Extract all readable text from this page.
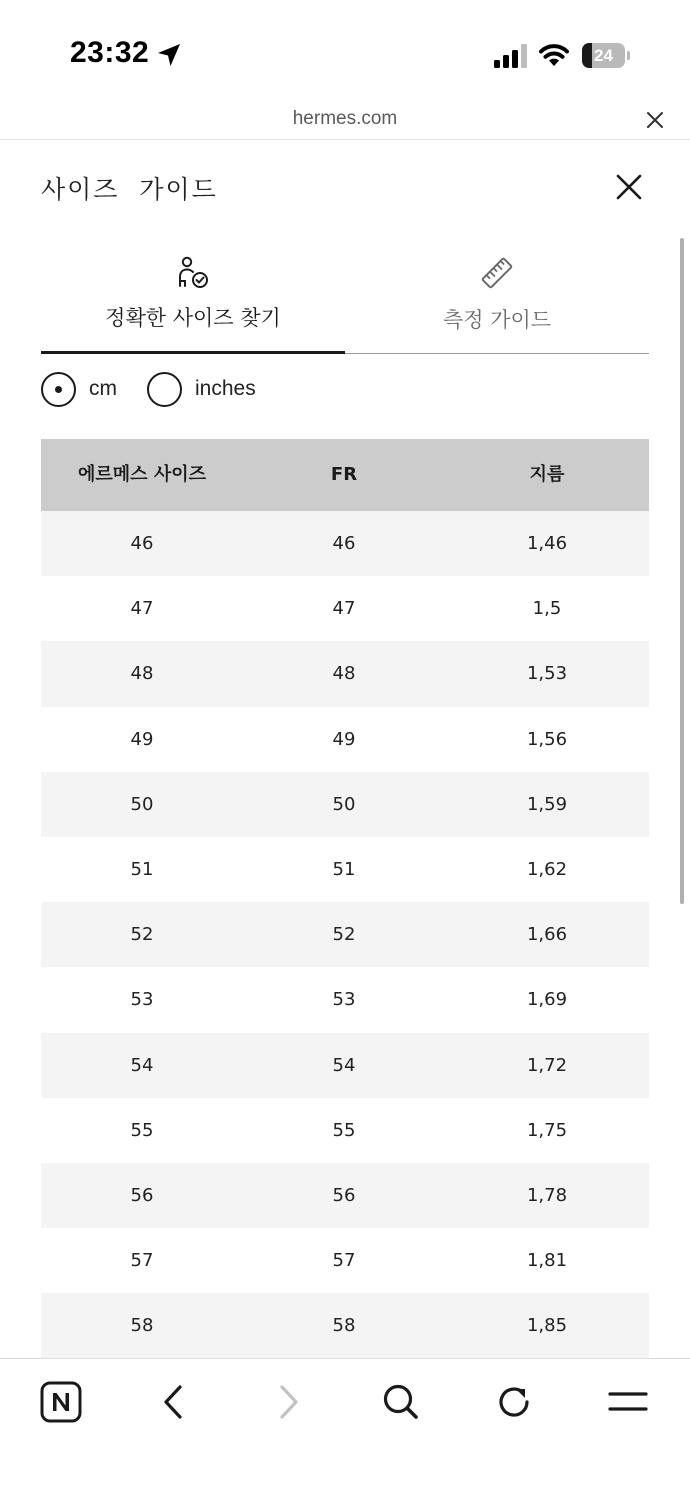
23:32	24
hermes.com
사이즈  가이드
정확한 사이즈 찾기	측정 가이드
cm	inches
에르메스 사이즈	FR	지름
46	46	1,46
47	47	1,5
48	48	1,53
49	49	1,56
50	50	1,59
51	51	1,62
52	52	1,66
53	53	1,69
54	54	1,72
55	55	1,75
56	56	1,78
57	57	1,81
58	58	1,85
